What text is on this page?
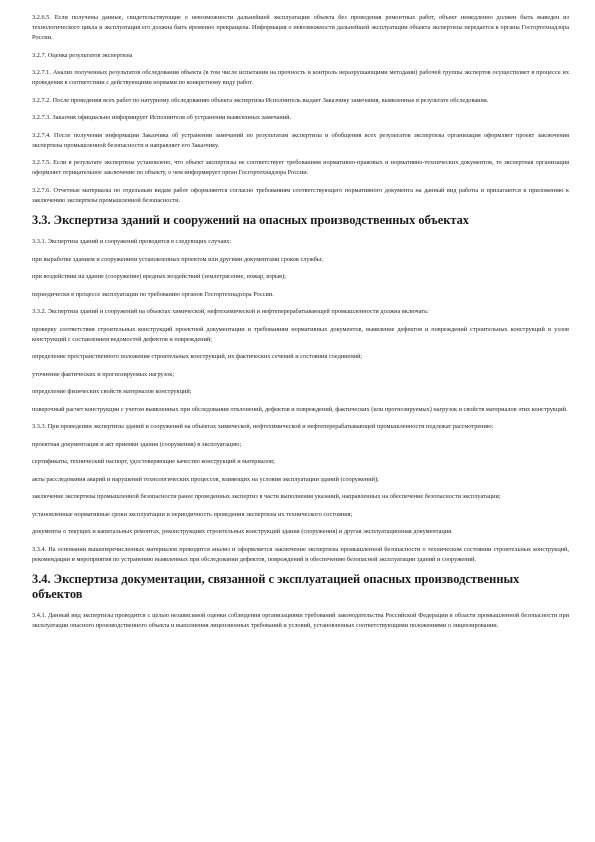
3.2.6.5. Если получены данные, свидетельствующие о невозможности дальнейшей эксплуатации объекта без проведения ремонтных работ, объект немедленно должен быть выведен из технологического цикла и эксплуатация его должна быть временно прекращена. Информация о невозможности дальнейшей эксплуатации объекта экспертизы передается в органы Госгортехнадзора России.

3.2.7. Оценка результатов экспертизы

3.2.7.1. Анализ полученных результатов обследования объекта (в том числе испытания на прочность и контроль неразрушающими методами) рабочей группы экспертов осуществляет в процессе их проведения в соответствии с действующими нормами по конкретному виду работ.

3.2.7.2. После проведения всех работ по натурному обследованию объекта экспертизы Исполнитель выдает Заказчику замечания, выявленные в результате обследования.

3.2.7.3. Заказчик официально информирует Исполнителя об устранении выявленных замечаний.

3.2.7.4. После получения информации Заказчика об устранении замечаний по результатам экспертизы и обобщения всех результатов экспертизы организация оформляет проект заключения экспертизы промышленной безопасности и направляет его Заказчику.

3.2.7.5. Если в результате экспертизы установлено, что объект экспертизы не соответствует требованиям нормативно-правовых и нормативно-технических документов, то экспертная организация оформляет отрицательное заключение по объекту, о чем информирует орган Госгортехнадзора России.

3.2.7.6. Отчетные материалы по отдельным видам работ оформляются согласно требованиям соответствующего нормативного документа на данный вид работы и прилагаются к приложению к заключению экспертизы промышленной безопасности.

3.3. Экспертиза зданий и сооружений на опасных производственных объектах

3.3.1. Экспертиза зданий и сооружений проводится в следующих случаях:

при выработке зданием и сооружением установленных проектом или другими документами сроков службы;

при воздействии на здание (сооружение) вредных воздействий (землетрясение, пожар, взрыв);

периодически в процессе эксплуатации по требованию органов Госгортехнадзора России.

3.3.2. Экспертиза зданий и сооружений на объектах химической, нефтехимической и нефтеперерабатывающей промышленности должна включать:

проверку соответствия строительных конструкций проектной документации и требованиям нормативных документов, выявление дефектов и повреждений строительных конструкций и узлов конструкций с составлением ведомостей дефектов и повреждений;

определение пространственного положения строительных конструкций, их фактических сечений и состояния соединений;

уточнение фактических и прогнозируемых нагрузок;

определение физических свойств материалов конструкций;

поверочный расчет конструкции с учетом выявленных при обследовании отклонений, дефектов и повреждений, фактических (или прогнозируемых) нагрузок и свойств материалов этих конструкций.

3.3.3. При проведении экспертизы зданий и сооружений на объектах химической, нефтехимической и нефтеперерабатывающей промышленности подлежат рассмотрению:

проектная документация и акт приемки здания (сооружения) в эксплуатацию;

сертификаты, технический паспорт, удостоверяющие качество конструкций и материалов;

акты расследования аварий и нарушений технологических процессов, влияющих на условия эксплуатации зданий (сооружений);

заключение экспертизы промышленной безопасности ранее проведенных экспертиз в части выполнения указаний, направленных на обеспечение безопасности эксплуатации;

установленные нормативные сроки эксплуатации и периодичность проведения экспертизы их технического состояния;

документы о текущих и капитальных ремонтах, реконструкциях строительных конструкций здания (сооружения) и другая эксплуатационная документация.

3.3.4. На основании вышеперечисленных материалов проводится анализ и оформляется заключение экспертизы промышленной безопасности о техническом состоянии строительных конструкций, рекомендации и мероприятия по устранению выявленных при обследовании дефектов, повреждений и обеспечению безопасной эксплуатации зданий и сооружений.

3.4. Экспертиза документации, связанной с эксплуатацией опасных производственных объектов

3.4.1. Данный вид экспертизы проводится с целью независимой оценки соблюдения организациями требований законодательства Российской Федерации в области промышленной безопасности при эксплуатации опасного производственного объекта и выполнения лицензионных требований и условий, установленных соответствующими положениями о лицензировании.
